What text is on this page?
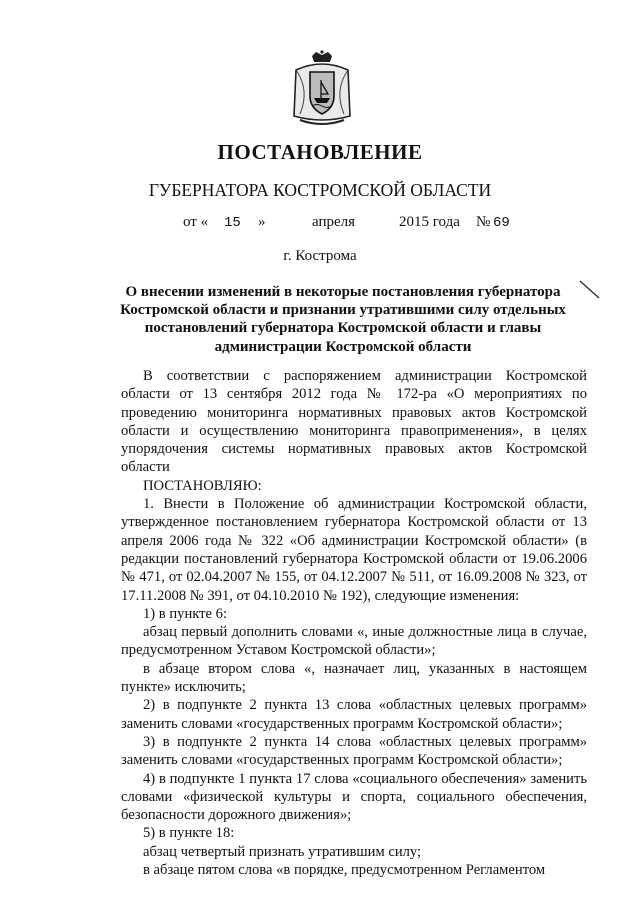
ПОСТАНОВЛЕНИЕ
ГУБЕРНАТОРА КОСТРОМСКОЙ ОБЛАСТИ
от « 15 »	апреля	2015 года № 69
г. Кострома
О внесении изменений в некоторые постановления губернатора Костромской области и признании утратившими силу отдельных постановлений губернатора Костромской области и главы администрации Костромской области

В соответствии с распоряжением администрации Костромской области от 13 сентября 2012 года № 172-ра «О мероприятиях по проведению мониторинга нормативных правовых актов Костромской области и осуществлению мониторинга правоприменения», в целях упорядочения системы нормативных правовых актов Костромской области

ПОСТАНОВЛЯЮ:

1. Внести в Положение об администрации Костромской области, утвержденное постановлением губернатора Костромской области от 13 апреля 2006 года № 322 «Об администрации Костромской области» (в редакции постановлений губернатора Костромской области от 19.06.2006 № 471, от 02.04.2007 № 155, от 04.12.2007 № 511, от 16.09.2008 № 323, от 17.11.2008 № 391, от 04.10.2010 № 192), следующие изменения:

1) в пункте 6:

абзац первый дополнить словами «, иные должностные лица в случае, предусмотренном Уставом Костромской области»;

в абзаце втором слова «, назначает лиц, указанных в настоящем пункте» исключить;

2) в подпункте 2 пункта 13 слова «областных целевых программ» заменить словами «государственных программ Костромской области»;

3) в подпункте 2 пункта 14 слова «областных целевых программ» заменить словами «государственных программ Костромской области»;

4) в подпункте 1 пункта 17 слова «социального обеспечения» заменить словами «физической культуры и спорта, социального обеспечения, безопасности дорожного движения»;

5) в пункте 18:

абзац четвертый признать утратившим силу;

в абзаце пятом слова «в порядке, предусмотренном Регламентом
